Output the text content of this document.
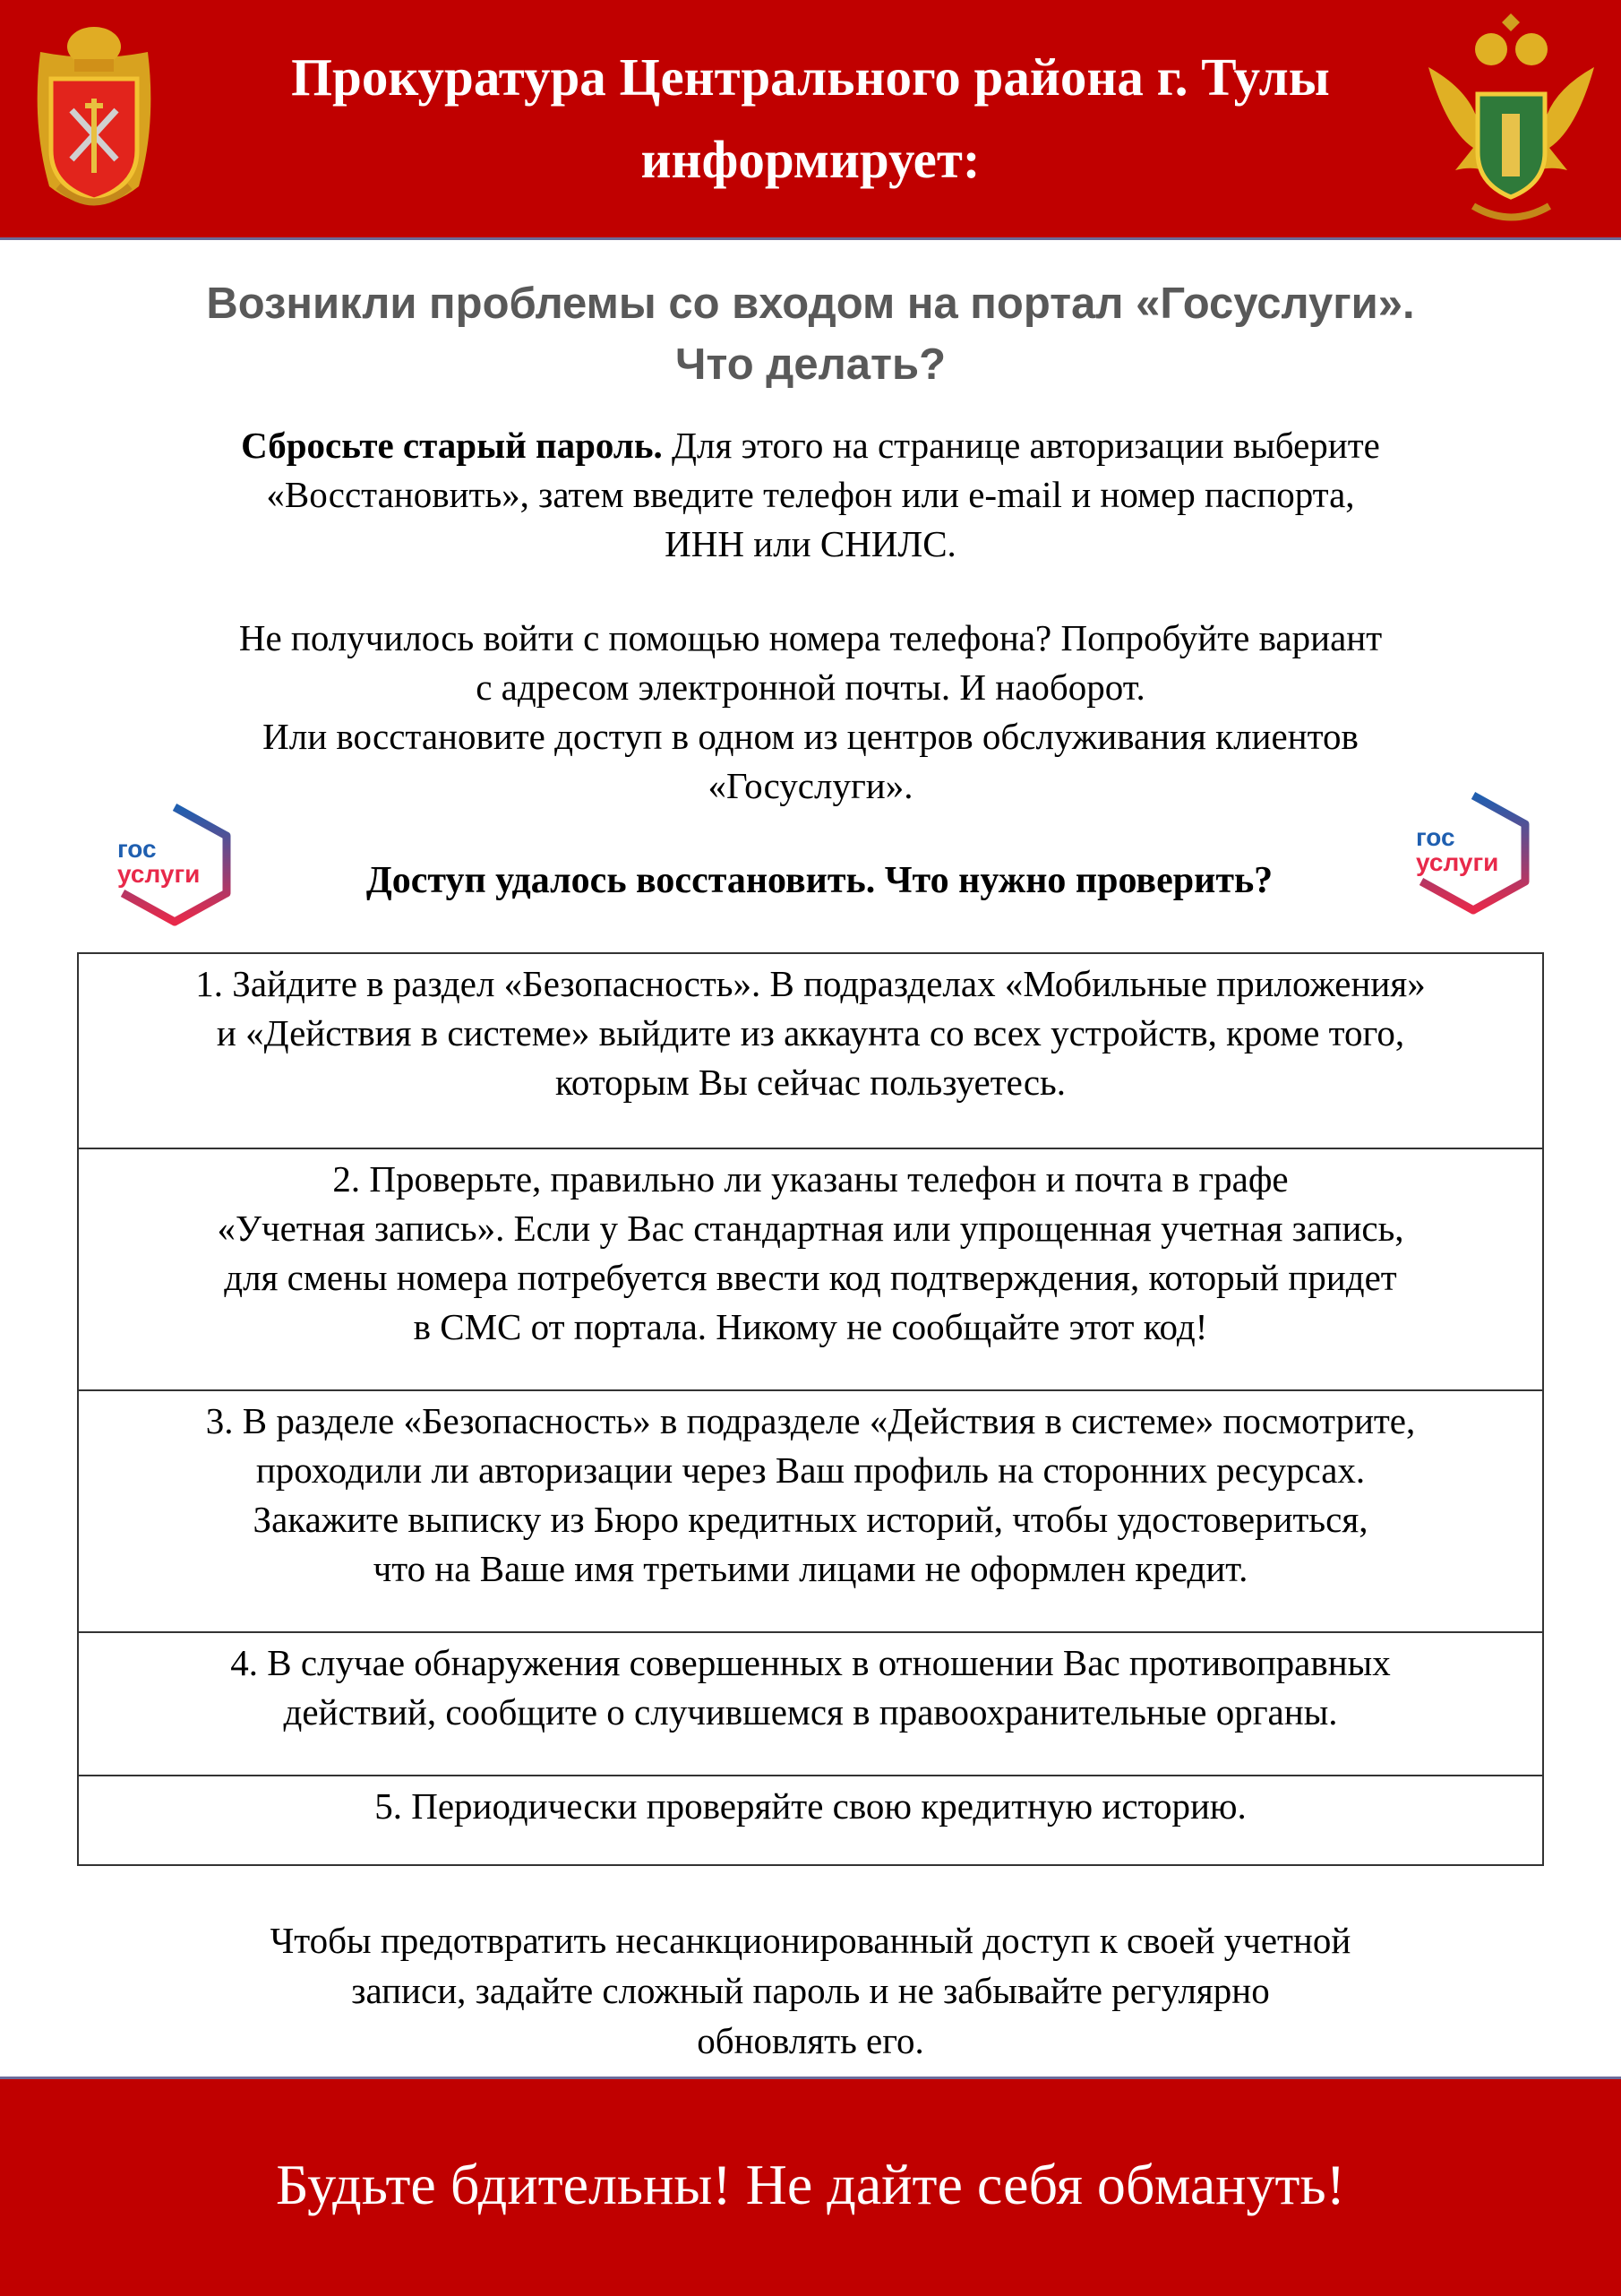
Прокуратура Центрального района г. Тулы
информирует:
Возникли проблемы со входом на портал «Госуслуги».
Что делать?
Сбросьте старый пароль. Для этого на странице авторизации выберите
«Восстановить», затем введите телефон или e-mail и номер паспорта,
ИНН или СНИЛС.
Не получилось войти с помощью номера телефона? Попробуйте вариант
с адресом электронной почты. И наоборот.
Или восстановите доступ в одном из центров обслуживания клиентов
«Госуслуги».
гос
услуги	Доступ удалось восстановить. Что нужно проверить?
гос
услуги
1. Зайдите в раздел «Безопасность». В подразделах «Мобильные приложения»
и «Действия в системе» выйдите из аккаунта со всех устройств, кроме того,
которым Вы сейчас пользуетесь.
2. Проверьте, правильно ли указаны телефон и почта в графе
«Учетная запись». Если у Вас стандартная или упрощенная учетная запись,
для смены номера потребуется ввести код подтверждения, который придет
в СМС от портала. Никому не сообщайте этот код!
3. В разделе «Безопасность» в подразделе «Действия в системе» посмотрите,
проходили ли авторизации через Ваш профиль на сторонних ресурсах.
Закажите выписку из Бюро кредитных историй, чтобы удостовериться,
что на Ваше имя третьими лицами не оформлен кредит.
4. В случае обнаружения совершенных в отношении Вас противоправных
действий, сообщите о случившемся в правоохранительные органы.
5. Периодически проверяйте свою кредитную историю.
Чтобы предотвратить несанкционированный доступ к своей учетной
записи, задайте сложный пароль и не забывайте регулярно
обновлять его.
Будьте бдительны! Не дайте себя обмануть!
